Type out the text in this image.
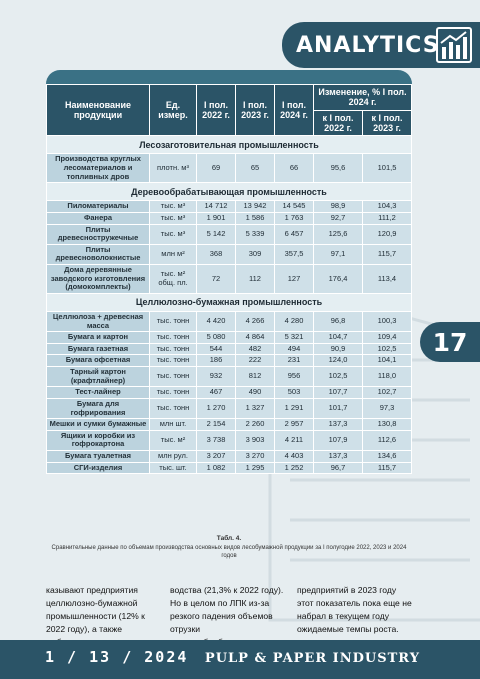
ANALYTICS
Наименование продукции	Ед. измер.	I пол. 2022 г.	I пол. 2023 г.	I пол. 2024 г.	Изменение, % I пол. 2024 г.	
					к I пол. 2022 г.	к I пол. 2023 г.
Лесозаготовительная промышленность						
Производства круглых лесоматериалов и топливных дров	плотн. м³	69	65	66	95,6	101,5
Деревообрабатывающая промышленность						
Пиломатериалы	тыс. м³	14 712	13 942	14 545	98,9	104,3
Фанера	тыс. м³	1 901	1 586	1 763	92,7	111,2
Плиты древесностружечные	тыс. м³	5 142	5 339	6 457	125,6	120,9
Плиты древесноволокнистые	млн м²	368	309	357,5	97,1	115,7
Дома деревянные заводского изготовления (домокомплекты)	тыс. м² общ. пл.	72	112	127	176,4	113,4
Целлюлозно-бумажная промышленность						
Целлюлоза + древесная масса	тыс. тонн	4 420	4 266	4 280	96,8	100,3
Бумага и картон	тыс. тонн	5 080	4 864	5 321	104,7	109,4
Бумага газетная	тыс. тонн	544	482	494	90,9	102,5
Бумага офсетная	тыс. тонн	186	222	231	124,0	104,1
Тарный картон (крафтлайнер)	тыс. тонн	932	812	956	102,5	118,0
Тест-лайнер	тыс. тонн	467	490	503	107,7	102,7
Бумага для гофрирования	тыс. тонн	1 270	1 327	1 291	101,7	97,3
Мешки и сумки бумажные	млн шт.	2 154	2 260	2 957	137,3	130,8
Ящики и коробки из гофрокартона	тыс. м²	3 738	3 903	4 211	107,9	112,6
Бумага туалетная	млн рул.	3 207	3 270	4 403	137,3	134,6
СГИ-изделия	тыс. шт.	1 082	1 295	1 252	96,7	115,7
Табл. 4.
Сравнительные данные по объемам производства основных видов лесобумажной продукции за I полугодие 2022, 2023 и 2024 годов
17
казывают предприятия целлюлозно-бумажной промышленности (12% к 2022 году), а также
водства (21,3% к 2022 году). Но в целом по ЛПК из-за резкого падения объемов отрузки
предприятий в 2023 году этот показатель пока еще не набрал в текущем году ожидаемые темпы роста.
1 / 13 / 2024 PULP & PAPER INDUSTRY
